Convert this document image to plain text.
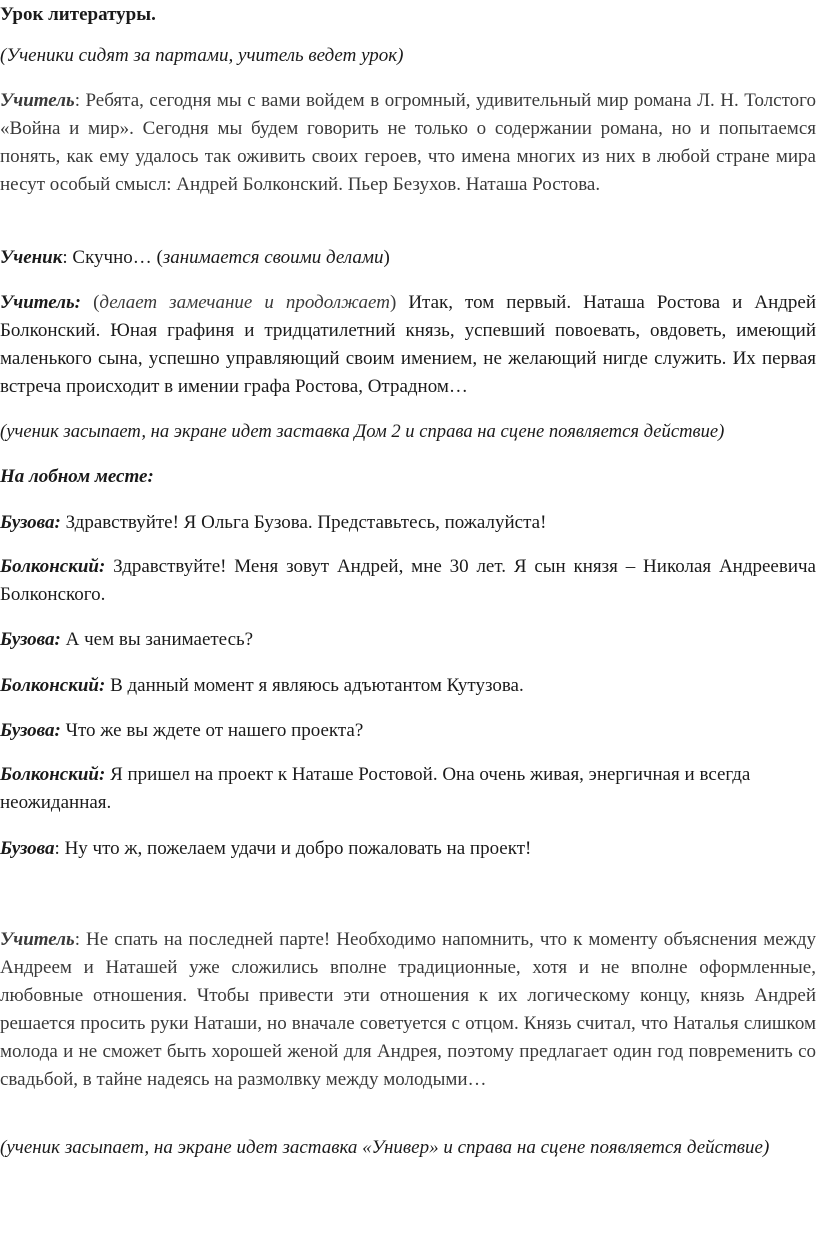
Урок литературы.

(Ученики сидят за партами, учитель ведет урок)

Учитель: Ребята, сегодня мы с вами войдем в огромный, удивительный мир романа Л. Н. Толстого «Война и мир». Сегодня мы будем говорить не только о содержании романа, но и попытаемся понять, как ему удалось так оживить своих героев, что имена многих из них в любой стране мира несут особый смысл: Андрей Болконский. Пьер Безухов. Наташа Ростова.

Ученик: Скучно… (занимается своими делами)

Учитель: (делает замечание и продолжает) Итак, том первый. Наташа Ростова и Андрей Болконский. Юная графиня и тридцатилетний князь, успевший повоевать, овдоветь, имеющий маленького сына, успешно управляющий своим имением, не желающий нигде служить. Их первая встреча происходит в имении графа Ростова, Отрадном…

(ученик засыпает, на экране идет заставка Дом 2 и справа на сцене появляется действие)

На лобном месте:

Бузова: Здравствуйте! Я Ольга Бузова. Представьтесь, пожалуйста!

Болконский: Здравствуйте! Меня зовут Андрей, мне 30 лет. Я сын князя – Николая Андреевича Болконского.

Бузова: А чем вы занимаетесь?

Болконский: В данный момент я являюсь адъютантом Кутузова.

Бузова: Что же вы ждете от нашего проекта?

Болконский: Я пришел на проект к Наташе Ростовой. Она очень живая, энергичная и всегда неожиданная.

Бузова: Ну что ж, пожелаем удачи и добро пожаловать на проект!

Учитель: Не спать на последней парте! Необходимо напомнить, что к моменту объяснения между Андреем и Наташей уже сложились вполне традиционные, хотя и не вполне оформленные, любовные отношения. Чтобы привести эти отношения к их логическому концу, князь Андрей решается просить руки Наташи, но вначале советуется с отцом. Князь считал, что Наталья слишком молода и не сможет быть хорошей женой для Андрея, поэтому предлагает один год повременить со свадьбой, в тайне надеясь на размолвку между молодыми…

(ученик засыпает, на экране идет заставка «Универ» и справа на сцене появляется действие)
